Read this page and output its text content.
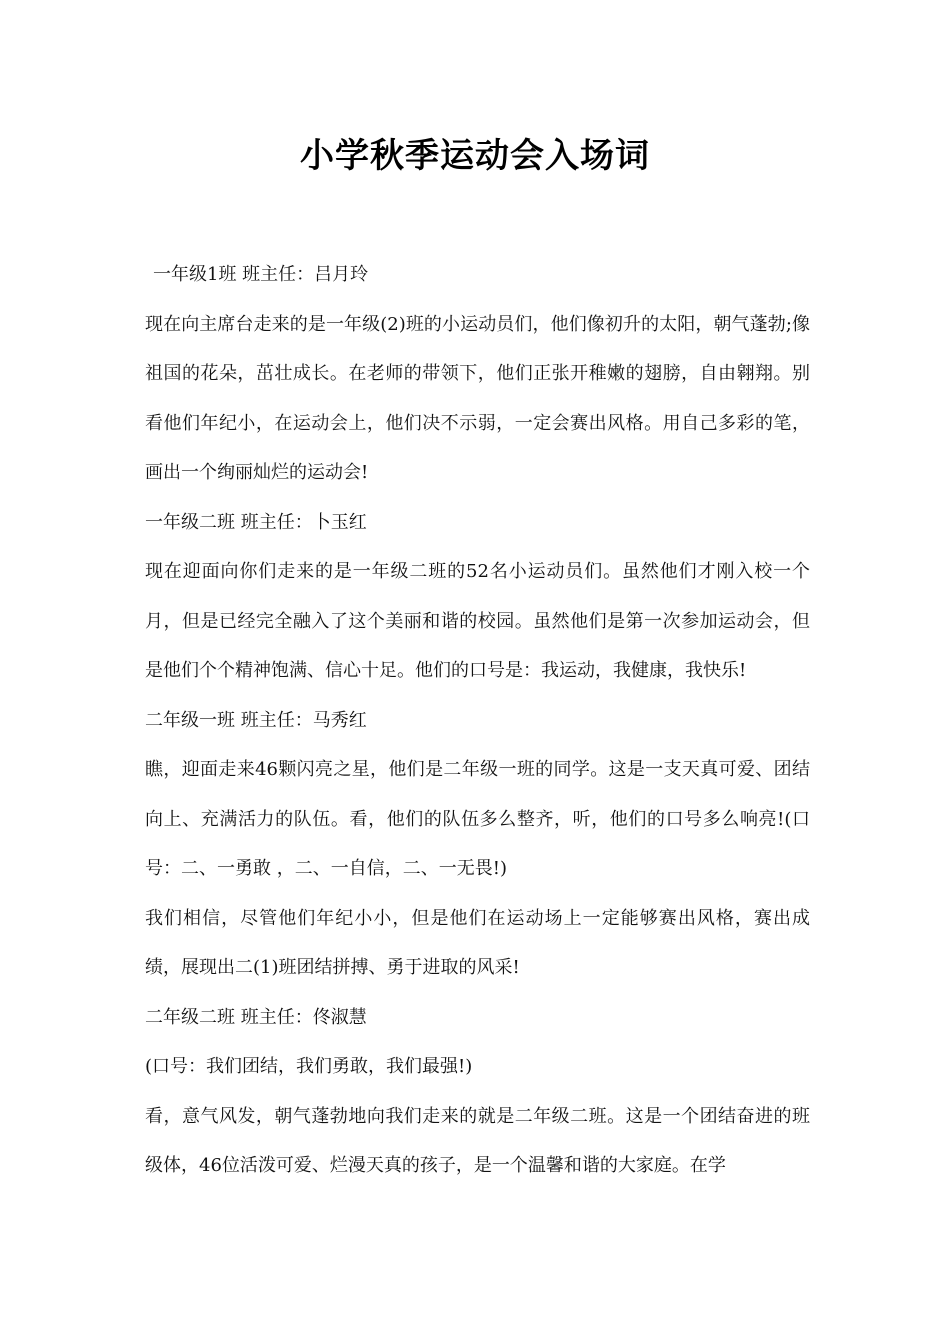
小学秋季运动会入场词

一年级1班 班主任：吕月玲

现在向主席台走来的是一年级(2)班的小运动员们，他们像初升的太阳，朝气蓬勃;像祖国的花朵，茁壮成长。在老师的带领下，他们正张开稚嫩的翅膀，自由翱翔。别看他们年纪小，在运动会上，他们决不示弱，一定会赛出风格。用自己多彩的笔，画出一个绚丽灿烂的运动会!

一年级二班 班主任：卜玉红

现在迎面向你们走来的是一年级二班的52名小运动员们。虽然他们才刚入校一个月，但是已经完全融入了这个美丽和谐的校园。虽然他们是第一次参加运动会，但是他们个个精神饱满、信心十足。他们的口号是：我运动，我健康，我快乐!

二年级一班 班主任：马秀红

瞧，迎面走来46颗闪亮之星，他们是二年级一班的同学。这是一支天真可爱、团结向上、充满活力的队伍。看，他们的队伍多么整齐，听，他们的口号多么响亮!(口号：二、一勇敢 ，二、一自信，二、一无畏!)

我们相信，尽管他们年纪小小，但是他们在运动场上一定能够赛出风格，赛出成绩，展现出二(1)班团结拼搏、勇于进取的风采!

二年级二班 班主任：佟淑慧

(口号：我们团结，我们勇敢，我们最强!)

看，意气风发，朝气蓬勃地向我们走来的就是二年级二班。这是一个团结奋进的班级体，46位活泼可爱、烂漫天真的孩子，是一个温馨和谐的大家庭。在学
